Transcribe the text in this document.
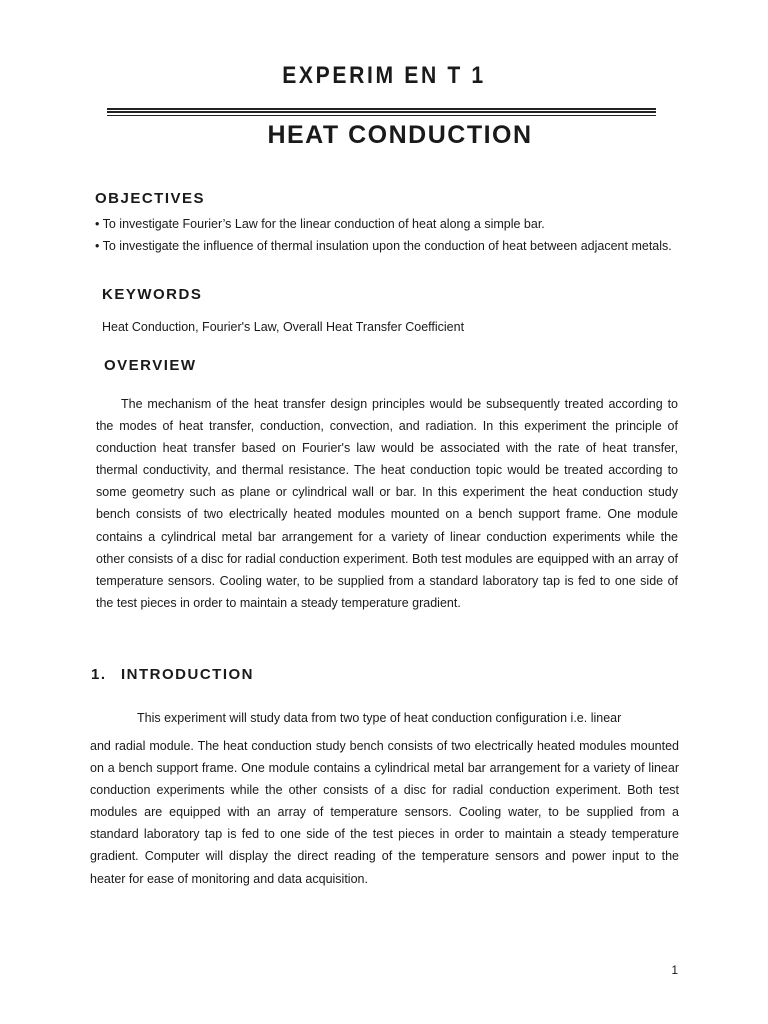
EXPERIM EN T 1
HEAT CONDUCTION
OBJECTIVES
• To investigate Fourier’s Law for the linear conduction of heat along a simple bar.
• To investigate the influence of thermal insulation upon the conduction of heat between adjacent metals.
KEYWORDS
Heat Conduction, Fourier's Law, Overall Heat Transfer Coefficient
OVERVIEW

The mechanism of the heat transfer design principles would be subsequently treated according to the modes of heat transfer, conduction, convection, and radiation. In this experiment the principle of conduction heat transfer based on Fourier's law would be associated with the rate of heat transfer, thermal conductivity, and thermal resistance. The heat conduction topic would be treated according to some geometry such as plane or cylindrical wall or bar. In this experiment the heat conduction study bench consists of two electrically heated modules mounted on a bench support frame. One module contains a cylindrical metal bar arrangement for a variety of linear conduction experiments while the other consists of a disc for radial conduction experiment. Both test modules are equipped with an array of temperature sensors. Cooling water, to be supplied from a standard laboratory tap is fed to one side of the test pieces in order to maintain a steady temperature gradient.

1. INTRODUCTION
This experiment will study data from two type of heat conduction configuration i.e. linear

and radial module. The heat conduction study bench consists of two electrically heated modules mounted on a bench support frame. One module contains a cylindrical metal bar arrangement for a variety of linear conduction experiments while the other consists of a disc for radial conduction experiment. Both test modules are equipped with an array of temperature sensors. Cooling water, to be supplied from a standard laboratory tap is fed to one side of the test pieces in order to maintain a steady temperature gradient. Computer will display the direct reading of the temperature sensors and power input to the heater for ease of monitoring and data acquisition.

1
